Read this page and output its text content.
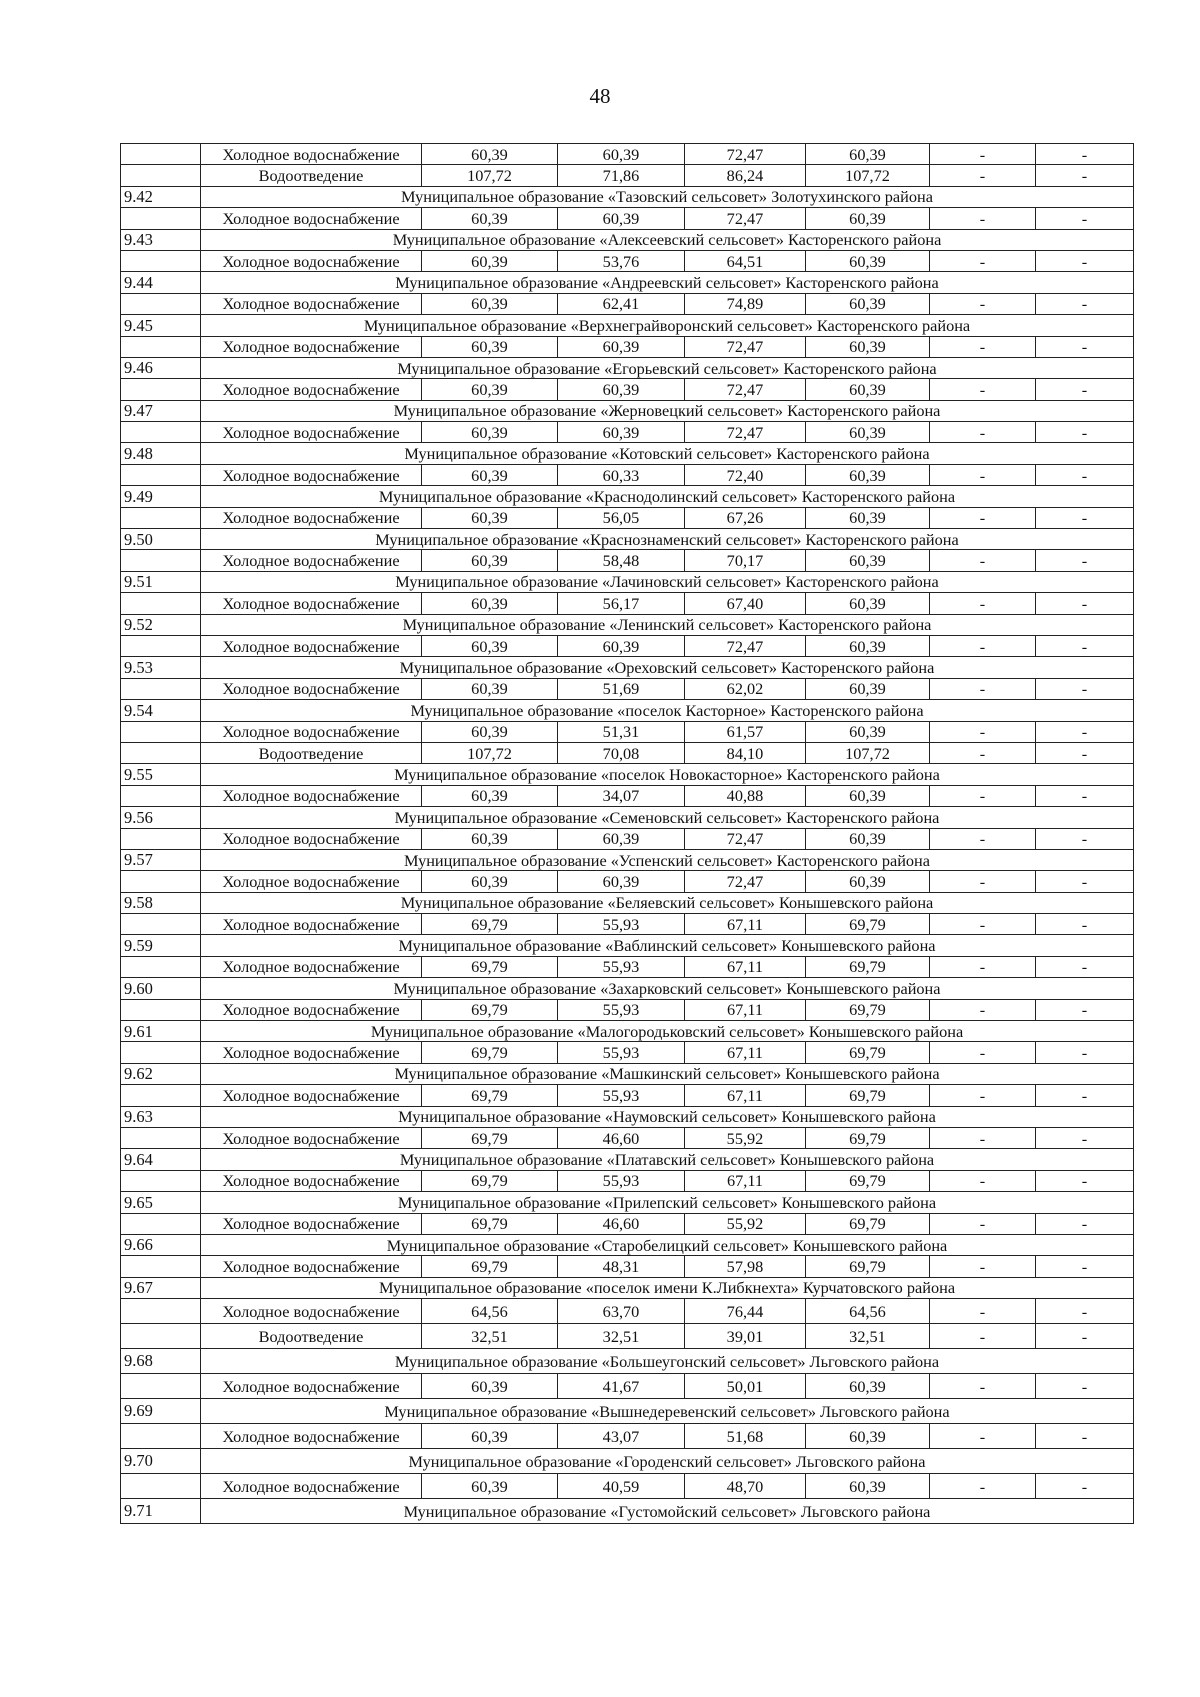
48
	Холодное водоснабжение	60,39	60,39	72,47	60,39	-	-
	Водоотведение	107,72	71,86	86,24	107,72	-	-
9.42	Муниципальное образование «Тазовский сельсовет» Золотухинского района						
	Холодное водоснабжение	60,39	60,39	72,47	60,39	-	-
9.43	Муниципальное образование «Алексеевский сельсовет» Касторенского района						
	Холодное водоснабжение	60,39	53,76	64,51	60,39	-	-
9.44	Муниципальное образование «Андреевский сельсовет» Касторенского района						
	Холодное водоснабжение	60,39	62,41	74,89	60,39	-	-
9.45	Муниципальное образование «Верхнеграйворонский сельсовет» Касторенского района						
	Холодное водоснабжение	60,39	60,39	72,47	60,39	-	-
9.46	Муниципальное образование «Егорьевский сельсовет» Касторенского района						
	Холодное водоснабжение	60,39	60,39	72,47	60,39	-	-
9.47	Муниципальное образование «Жерновецкий сельсовет» Касторенского района						
	Холодное водоснабжение	60,39	60,39	72,47	60,39	-	-
9.48	Муниципальное образование «Котовский сельсовет» Касторенского района						
	Холодное водоснабжение	60,39	60,33	72,40	60,39	-	-
9.49	Муниципальное образование «Краснодолинский сельсовет» Касторенского района						
	Холодное водоснабжение	60,39	56,05	67,26	60,39	-	-
9.50	Муниципальное образование «Краснознаменский сельсовет» Касторенского района						
	Холодное водоснабжение	60,39	58,48	70,17	60,39	-	-
9.51	Муниципальное образование «Лачиновский сельсовет» Касторенского района						
	Холодное водоснабжение	60,39	56,17	67,40	60,39	-	-
9.52	Муниципальное образование «Ленинский сельсовет» Касторенского района						
	Холодное водоснабжение	60,39	60,39	72,47	60,39	-	-
9.53	Муниципальное образование «Ореховский сельсовет» Касторенского района						
	Холодное водоснабжение	60,39	51,69	62,02	60,39	-	-
9.54	Муниципальное образование «поселок Касторное» Касторенского района						
	Холодное водоснабжение	60,39	51,31	61,57	60,39	-	-
	Водоотведение	107,72	70,08	84,10	107,72	-	-
9.55	Муниципальное образование «поселок Новокасторное» Касторенского района						
	Холодное водоснабжение	60,39	34,07	40,88	60,39	-	-
9.56	Муниципальное образование «Семеновский сельсовет» Касторенского района						
	Холодное водоснабжение	60,39	60,39	72,47	60,39	-	-
9.57	Муниципальное образование «Успенский сельсовет» Касторенского района						
	Холодное водоснабжение	60,39	60,39	72,47	60,39	-	-
9.58	Муниципальное образование «Беляевский сельсовет» Конышевского района						
	Холодное водоснабжение	69,79	55,93	67,11	69,79	-	-
9.59	Муниципальное образование «Ваблинский сельсовет» Конышевского района						
	Холодное водоснабжение	69,79	55,93	67,11	69,79	-	-
9.60	Муниципальное образование «Захарковский сельсовет» Конышевского района						
	Холодное водоснабжение	69,79	55,93	67,11	69,79	-	-
9.61	Муниципальное образование «Малогородьковский сельсовет» Конышевского района						
	Холодное водоснабжение	69,79	55,93	67,11	69,79	-	-
9.62	Муниципальное образование «Машкинский сельсовет» Конышевского района						
	Холодное водоснабжение	69,79	55,93	67,11	69,79	-	-
9.63	Муниципальное образование «Наумовский сельсовет» Конышевского района						
	Холодное водоснабжение	69,79	46,60	55,92	69,79	-	-
9.64	Муниципальное образование «Платавский сельсовет» Конышевского района						
	Холодное водоснабжение	69,79	55,93	67,11	69,79	-	-
9.65	Муниципальное образование «Прилепский сельсовет» Конышевского района						
	Холодное водоснабжение	69,79	46,60	55,92	69,79	-	-
9.66	Муниципальное образование «Старобелицкий сельсовет» Конышевского района						
	Холодное водоснабжение	69,79	48,31	57,98	69,79	-	-
9.67	Муниципальное образование «поселок имени К.Либкнехта» Курчатовского района						
	Холодное водоснабжение	64,56	63,70	76,44	64,56	-	-
	Водоотведение	32,51	32,51	39,01	32,51	-	-
9.68	Муниципальное образование «Большеугонский сельсовет» Льговского района						
	Холодное водоснабжение	60,39	41,67	50,01	60,39	-	-
9.69	Муниципальное образование «Вышнедеревенский сельсовет» Льговского района						
	Холодное водоснабжение	60,39	43,07	51,68	60,39	-	-
9.70	Муниципальное образование «Городенский сельсовет» Льговского района						
	Холодное водоснабжение	60,39	40,59	48,70	60,39	-	-
9.71	Муниципальное образование «Густомойский сельсовет» Льговского района						
